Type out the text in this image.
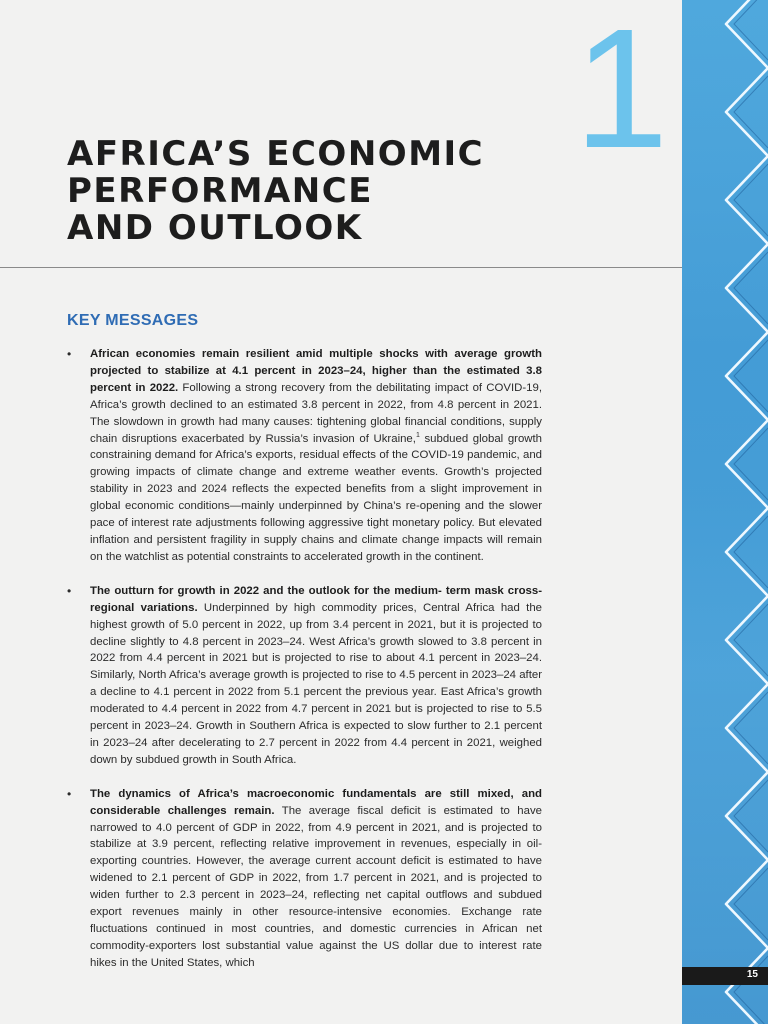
1
AFRICA’S ECONOMIC
PERFORMANCE
AND OUTLOOK
KEY MESSAGES
• African economies remain resilient amid multiple shocks with average growth projected to stabilize at 4.1 percent in 2023–24, higher than the estimated 3.8 percent in 2022. Following a strong recovery from the debilitating impact of COVID-19, Africa’s growth declined to an estimated 3.8 percent in 2022, from 4.8 percent in 2021. The slowdown in growth had many causes: tightening global financial conditions, supply chain disruptions exacerbated by Russia’s invasion of Ukraine,$^1$ subdued global growth constraining demand for Africa’s exports, residual effects of the COVID-19 pandemic, and growing impacts of climate change and extreme weather events. Growth’s projected stability in 2023 and 2024 reflects the expected benefits from a slight improvement in global economic conditions—mainly underpinned by China’s re-opening and the slower pace of interest rate adjustments following aggressive tight monetary policy. But elevated inflation and persistent fragility in supply chains and climate change impacts will remain on the watchlist as potential constraints to accelerated growth in the continent.
• The outturn for growth in 2022 and the outlook for the medium- term mask cross-regional variations. Underpinned by high commodity prices, Central Africa had the highest growth of 5.0 percent in 2022, up from 3.4 percent in 2021, but it is projected to decline slightly to 4.8 percent in 2023–24. West Africa’s growth slowed to 3.8 percent in 2022 from 4.4 percent in 2021 but is projected to rise to about 4.1 percent in 2023–24. Similarly, North Africa’s average growth is projected to rise to 4.5 percent in 2023–24 after a decline to 4.1 percent in 2022 from 5.1 percent the previous year. East Africa’s growth moderated to 4.4 percent in 2022 from 4.7 percent in 2021 but is projected to rise to 5.5 percent in 2023–24. Growth in Southern Africa is expected to slow further to 2.1 percent in 2023–24 after decelerating to 2.7 percent in 2022 from 4.4 percent in 2021, weighed down by subdued growth in South Africa.
• The dynamics of Africa’s macroeconomic fundamentals are still mixed, and considerable challenges remain. The average fiscal deficit is estimated to have narrowed to 4.0 percent of GDP in 2022, from 4.9 percent in 2021, and is projected to stabilize at 3.9 percent, reflecting relative improvement in revenues, especially in oil-exporting countries. However, the average current account deficit is estimated to have widened to 2.1 percent of GDP in 2022, from 1.7 percent in 2021, and is projected to widen further to 2.3 percent in 2023–24, reflecting net capital outflows and subdued export revenues mainly in other resource-intensive economies. Exchange rate fluctuations continued in most countries, and domestic currencies in African net commodity-exporters lost substantial value against the US dollar due to interest rate hikes in the United States, which
15
